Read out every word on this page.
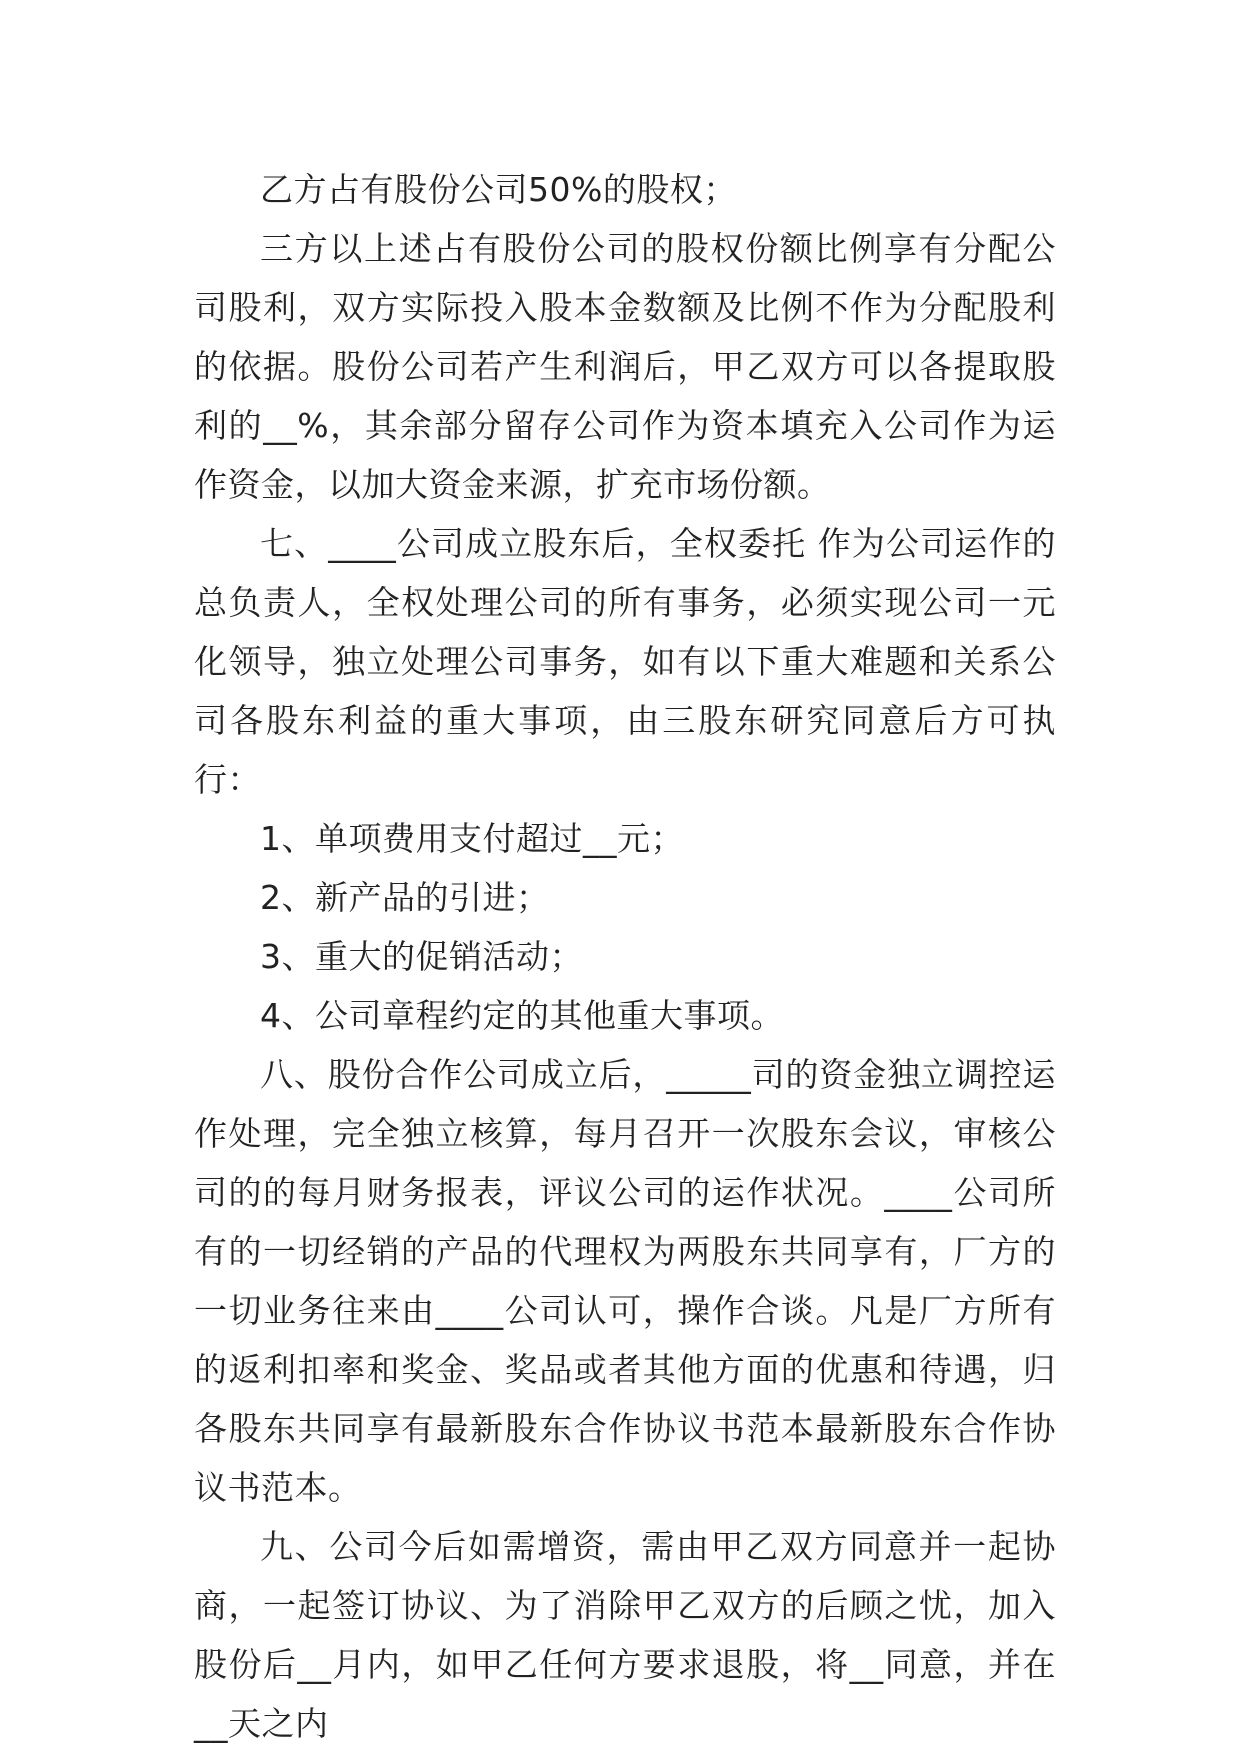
乙方占有股份公司50%的股权；

三方以上述占有股份公司的股权份额比例享有分配公司股利，双方实际投入股本金数额及比例不作为分配股利的依据。股份公司若产生利润后，甲乙双方可以各提取股利的__%，其余部分留存公司作为资本填充入公司作为运作资金，以加大资金来源，扩充市场份额。

七、____公司成立股东后，全权委托 作为公司运作的总负责人，全权处理公司的所有事务，必须实现公司一元化领导，独立处理公司事务，如有以下重大难题和关系公司各股东利益的重大事项，由三股东研究同意后方可执行：

1、单项费用支付超过__元；

2、新产品的引进；

3、重大的促销活动；

4、公司章程约定的其他重大事项。

八、股份合作公司成立后，_____司的资金独立调控运作处理，完全独立核算，每月召开一次股东会议，审核公司的的每月财务报表，评议公司的运作状况。____公司所有的一切经销的产品的代理权为两股东共同享有，厂方的一切业务往来由____公司认可，操作合谈。凡是厂方所有的返利扣率和奖金、奖品或者其他方面的优惠和待遇，归各股东共同享有最新股东合作协议书范本最新股东合作协议书范本。

九、公司今后如需增资，需由甲乙双方同意并一起协商，一起签订协议、为了消除甲乙双方的后顾之忧，加入股份后__月内，如甲乙任何方要求退股，将__同意，并在__天之内
